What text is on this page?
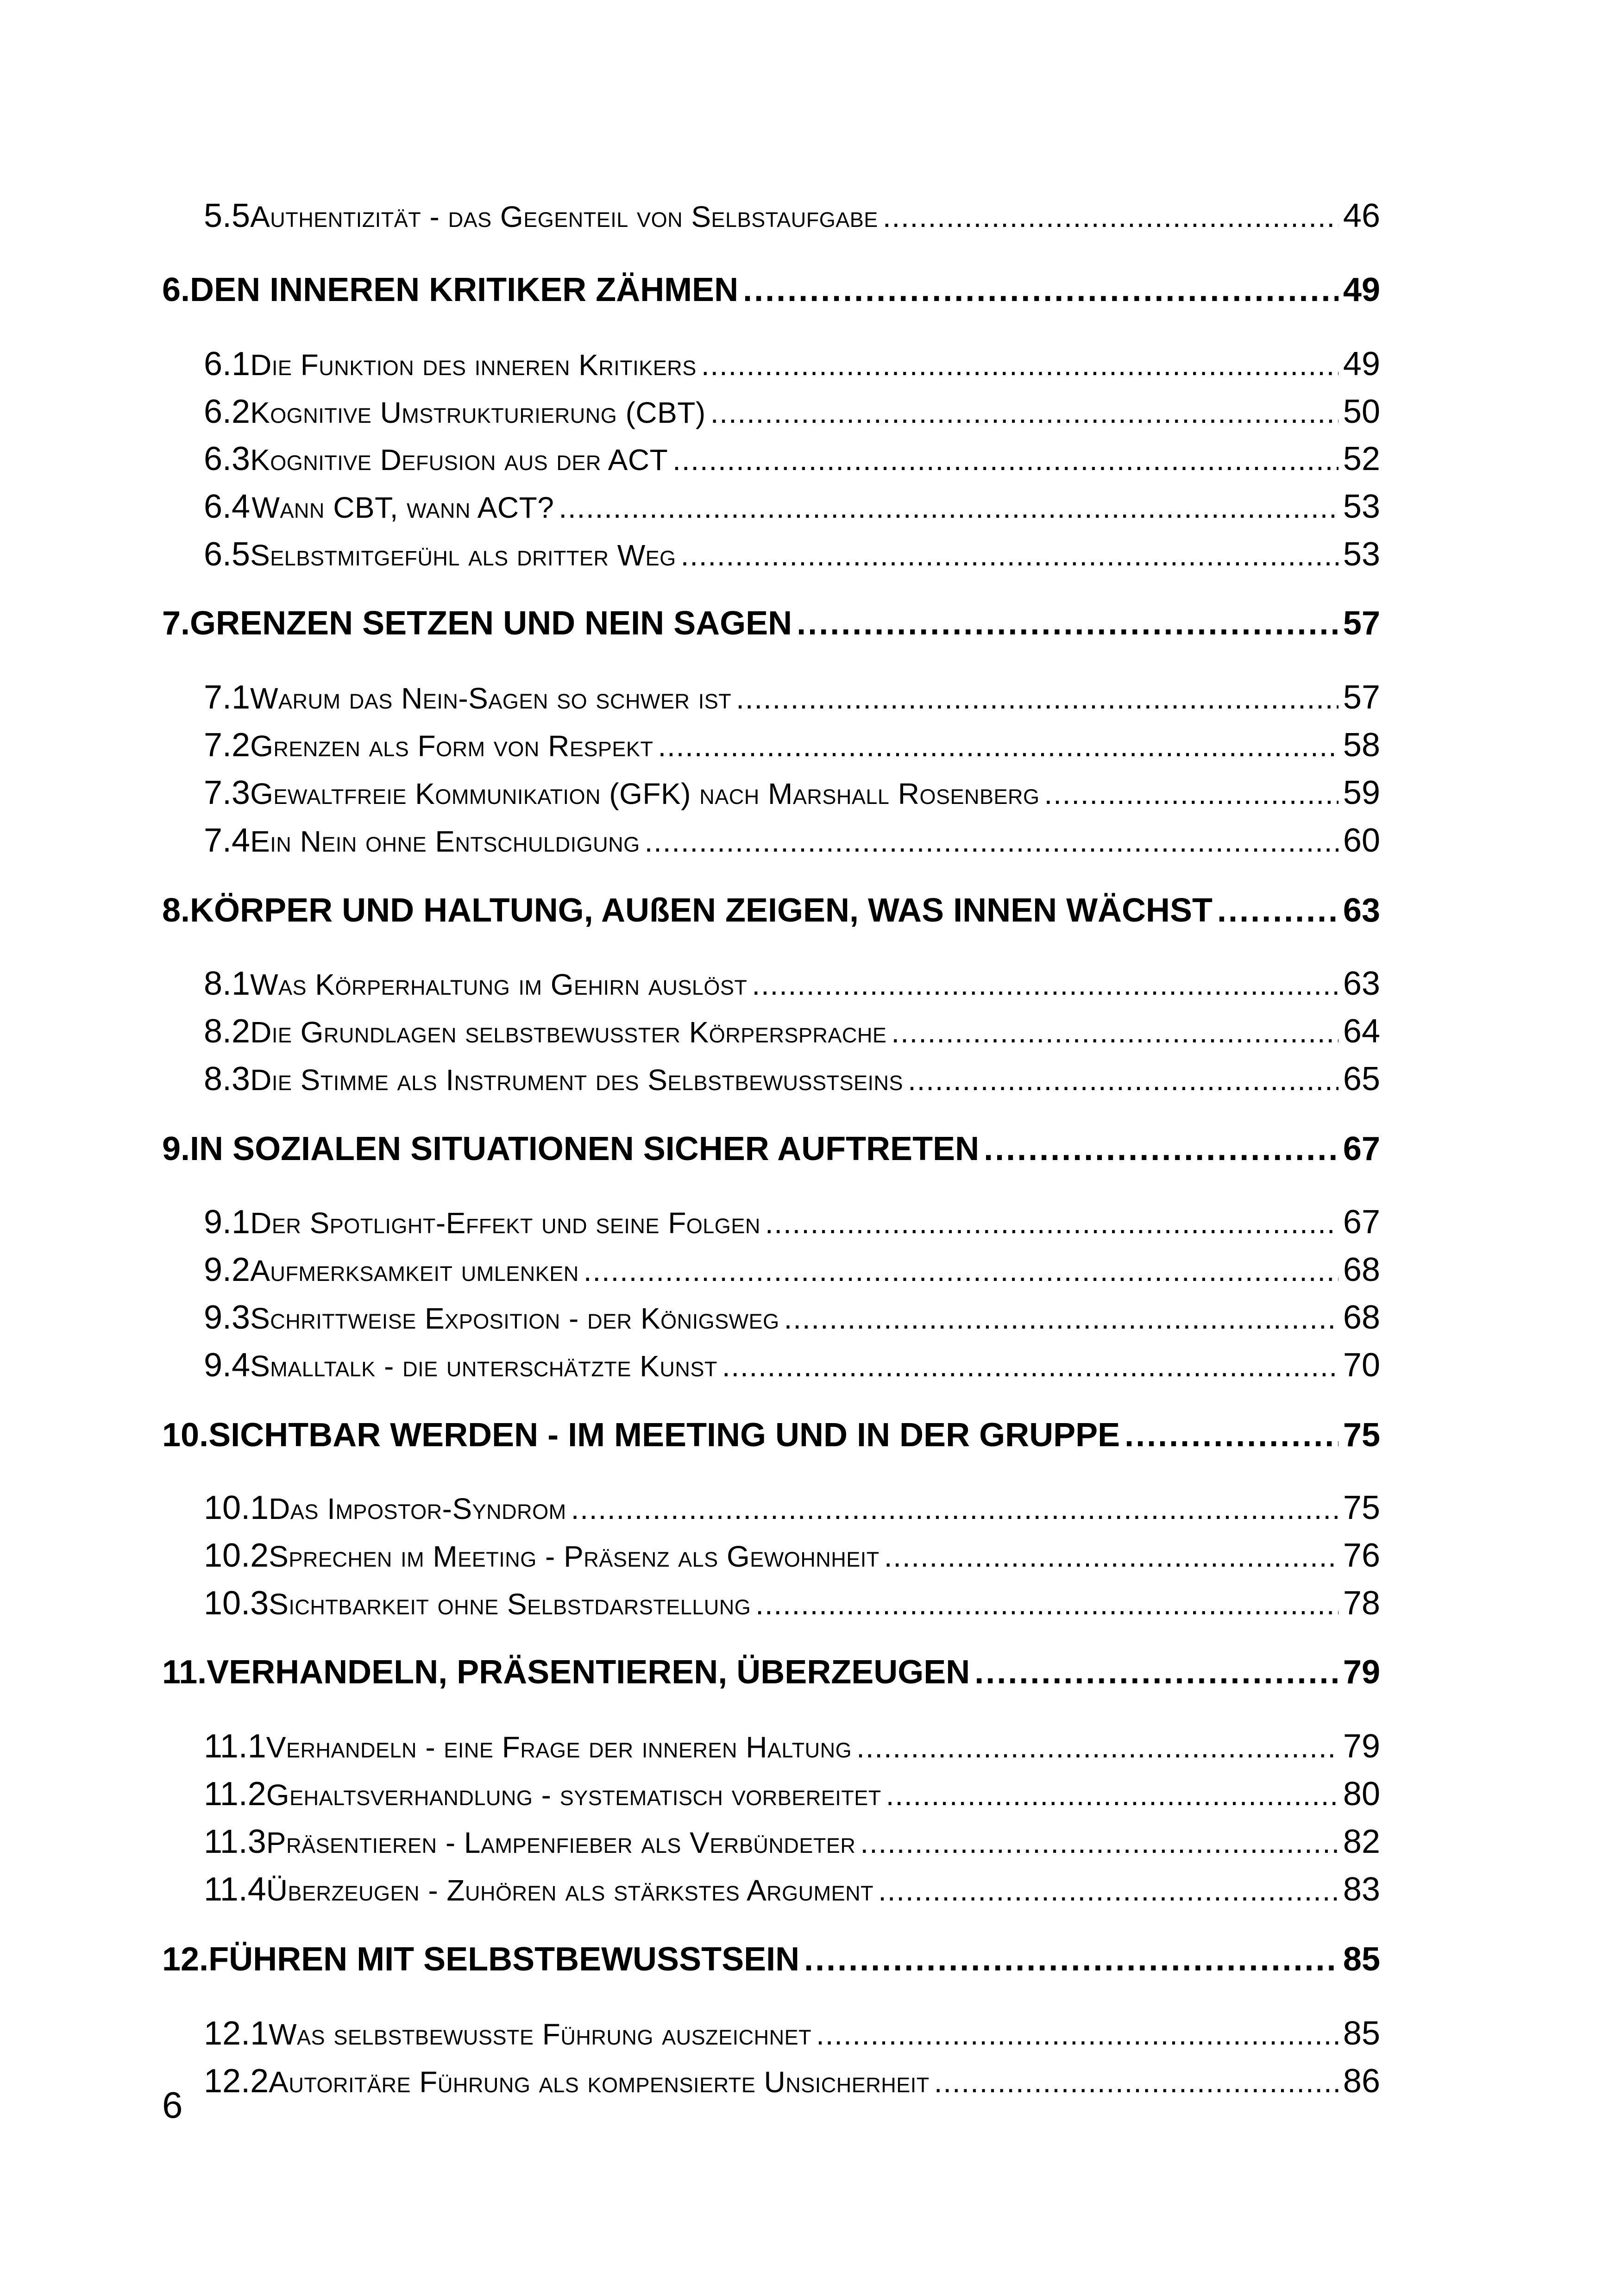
5.5 Authentizität - das Gegenteil von Selbstaufgabe . . .	46
6. DEN INNEREN KRITIKER ZÄHMEN . . .	49
6.1 Die Funktion des inneren Kritikers . . .	49
6.2 Kognitive Umstrukturierung (CBT) . . .	50
6.3 Kognitive Defusion aus der ACT . . .	52
6.4 Wann CBT, wann ACT? . . .	53
6.5 Selbstmitgefühl als dritter Weg . . .	53
7. GRENZEN SETZEN UND NEIN SAGEN . . .	57
7.1 Warum das Nein-Sagen so schwer ist . . .	57
7.2 Grenzen als Form von Respekt . . .	58
7.3 Gewaltfreie Kommunikation (GFK) nach Marshall Rosenberg . . .	59
7.4 Ein Nein ohne Entschuldigung . . .	60
8. KÖRPER UND HALTUNG, AUßEN ZEIGEN, WAS INNEN WÄCHST . . .	63
8.1 Was Körperhaltung im Gehirn auslöst . . .	63
8.2 Die Grundlagen selbstbewusster Körpersprache . . .	64
8.3 Die Stimme als Instrument des Selbstbewusstseins . . .	65
9. IN SOZIALEN SITUATIONEN SICHER AUFTRETEN . . .	67
9.1 Der Spotlight-Effekt und seine Folgen . . .	67
9.2 Aufmerksamkeit umlenken . . .	68
9.3 Schrittweise Exposition - der Königsweg . . .	68
9.4 Smalltalk - die unterschätzte Kunst . . .	70
10. SICHTBAR WERDEN - IM MEETING UND IN DER GRUPPE . . .	75
10.1 Das Impostor-Syndrom . . .	75
10.2 Sprechen im Meeting - Präsenz als Gewohnheit . . .	76
10.3 Sichtbarkeit ohne Selbstdarstellung . . .	78
11. VERHANDELN, PRÄSENTIEREN, ÜBERZEUGEN . . .	79
11.1 Verhandeln - eine Frage der inneren Haltung . . .	79
11.2 Gehaltsverhandlung - systematisch vorbereitet . . .	80
11.3 Präsentieren - Lampenfieber als Verbündeter . . .	82
11.4 Überzeugen - Zuhören als stärkstes Argument . . .	83
12. FÜHREN MIT SELBSTBEWUSSTSEIN . . .	85
12.1 Was selbstbewusste Führung auszeichnet . . .	85
12.2 Autoritäre Führung als kompensierte Unsicherheit . . .	86
6
